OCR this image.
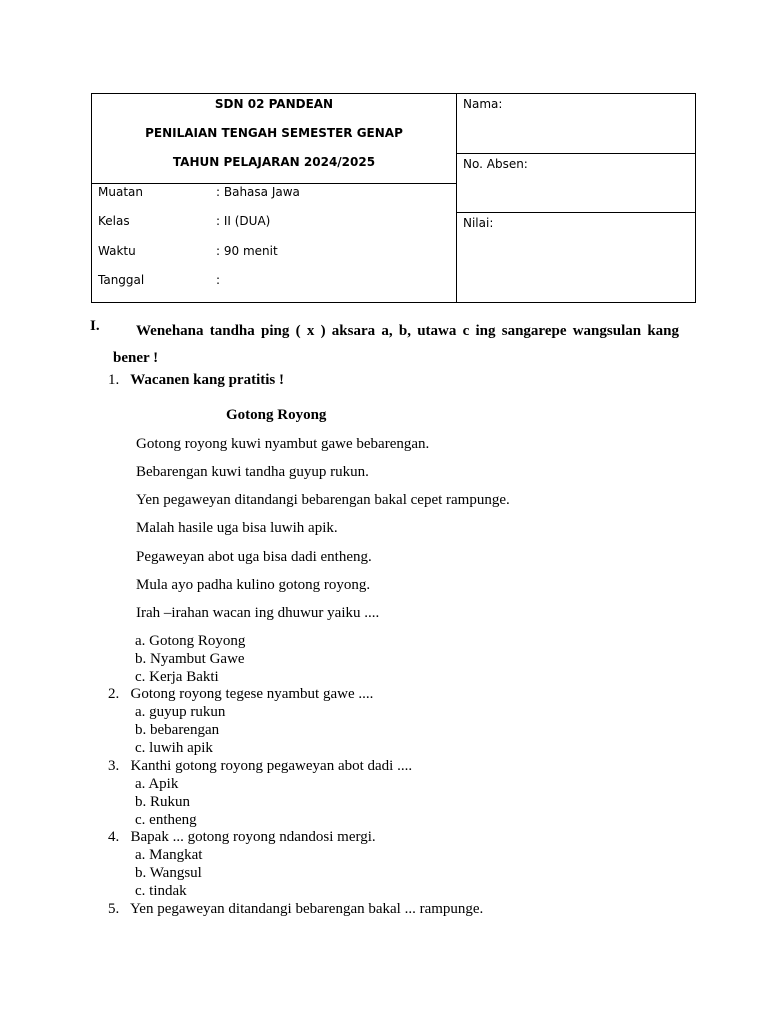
SDN 02 PANDEAN
PENILAIAN TENGAH SEMESTER GENAP
TAHUN PELAJARAN 2024/2025
Muatan	: Bahasa Jawa
Kelas	: II (DUA)
Waktu	: 90 menit
Tanggal	:

Nama:
No. Absen:
Nilai:
I.	Wenehana tandha ping ( x ) aksara a, b, utawa c ing sangarepe wangsulan kang bener !
1. Wacanen kang pratitis !
Gotong Royong
Gotong royong kuwi nyambut gawe bebarengan.
Bebarengan kuwi tandha guyup rukun.
Yen pegaweyan ditandangi bebarengan bakal cepet rampunge.
Malah hasile uga bisa luwih apik.
Pegaweyan abot uga bisa dadi entheng.
Mula ayo padha kulino gotong royong.
Irah –irahan wacan ing dhuwur yaiku ....
a. Gotong Royong
b. Nyambut Gawe
c. Kerja Bakti
2. Gotong royong tegese nyambut gawe ....
a. guyup rukun
b. bebarengan
c. luwih apik
3. Kanthi gotong royong pegaweyan abot dadi ....
a. Apik
b. Rukun
c. entheng
4. Bapak ... gotong royong ndandosi mergi.
a. Mangkat
b. Wangsul
c. tindak
5. Yen pegaweyan ditandangi bebarengan bakal ... rampunge.
